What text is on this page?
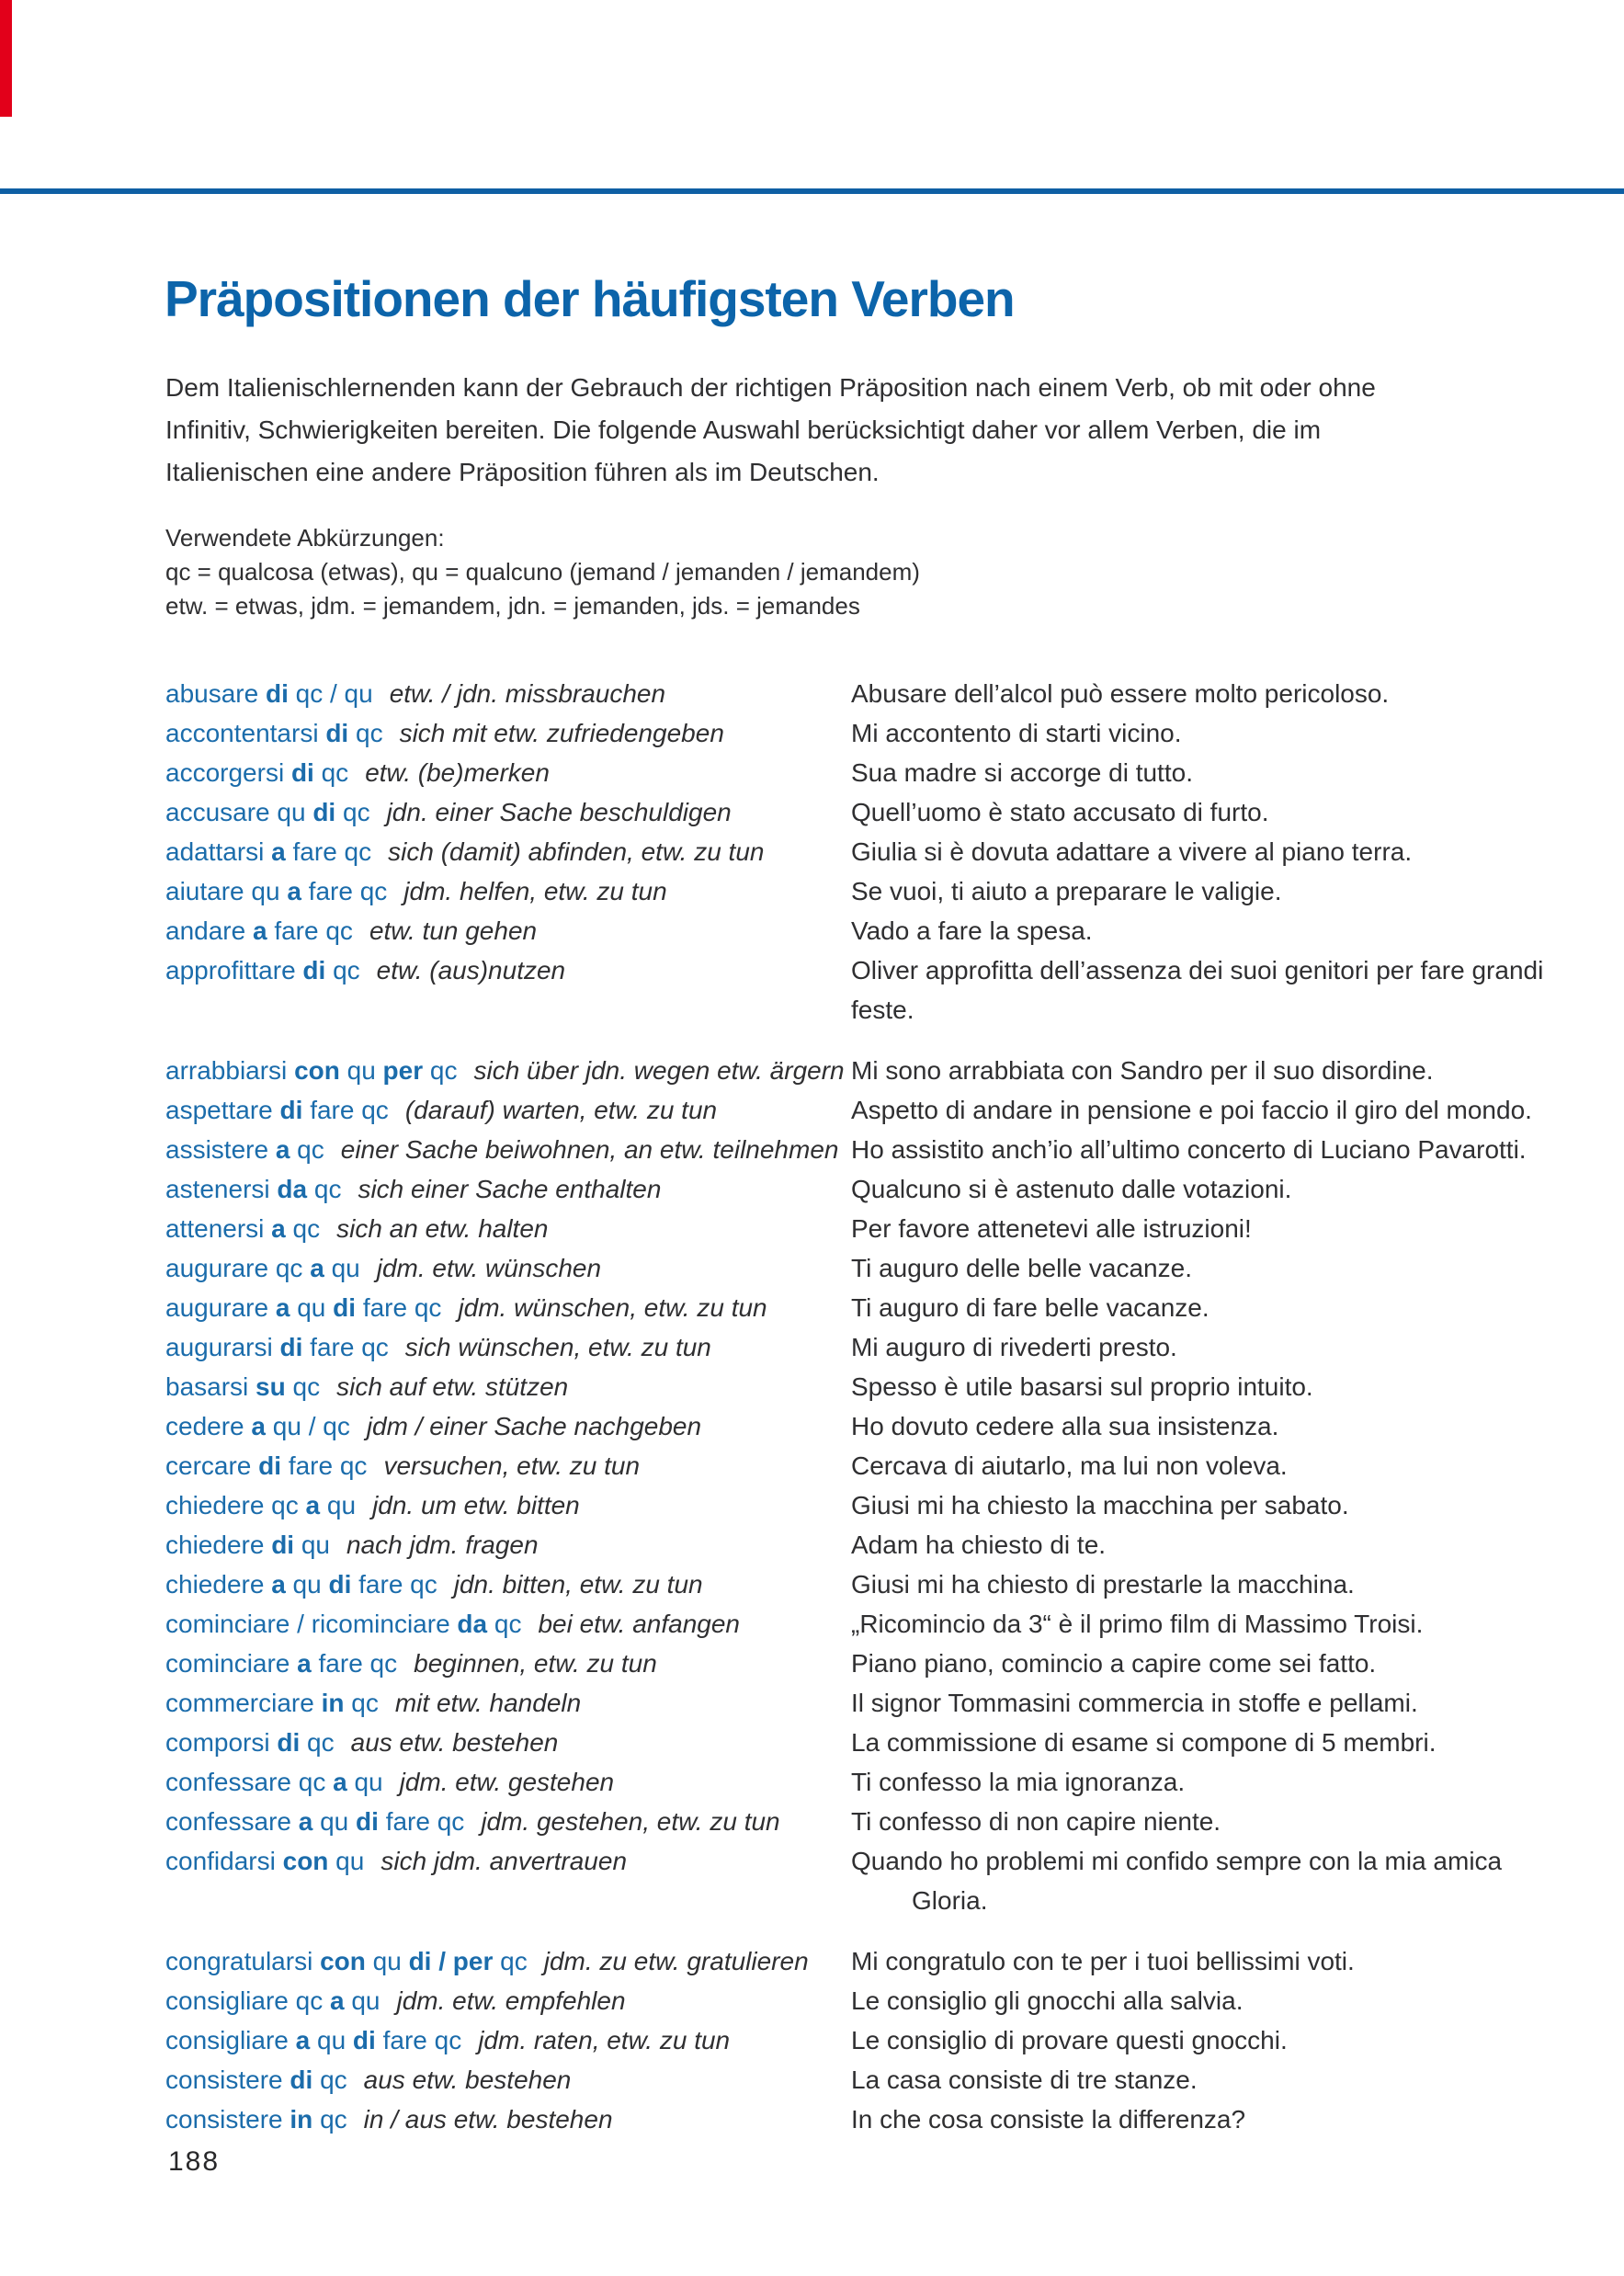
Präpositionen der häufigsten Verben
Dem Italienischlernenden kann der Gebrauch der richtigen Präposition nach einem Verb, ob mit oder ohne
Infinitiv, Schwierigkeiten bereiten. Die folgende Auswahl berücksichtigt daher vor allem Verben, die im
Italienischen eine andere Präposition führen als im Deutschen.
Verwendete Abkürzungen:
qc = qualcosa (etwas), qu = qualcuno (jemand / jemanden / jemandem)
etw. = etwas, jdm. = jemandem, jdn. = jemanden, jds. = jemandes
abusare di qc / qu etw. / jdn. missbrauchen	Abusare dell’alcol può essere molto pericoloso.
accontentarsi di qc sich mit etw. zufriedengeben	Mi accontento di starti vicino.
accorgersi di qc etw. (be)merken	Sua madre si accorge di tutto.
accusare qu di qc jdn. einer Sache beschuldigen	Quell’uomo è stato accusato di furto.
adattarsi a fare qc sich (damit) abfinden, etw. zu tun	Giulia si è dovuta adattare a vivere al piano terra.
aiutare qu a fare qc jdm. helfen, etw. zu tun	Se vuoi, ti aiuto a preparare le valigie.
andare a fare qc etw. tun gehen	Vado a fare la spesa.
approfittare di qc etw. (aus)nutzen	Oliver approfitta dell’assenza dei suoi genitori per fare grandi
feste.
arrabbiarsi con qu per qc sich über jdn. wegen etw. ärgern Mi sono arrabbiata con Sandro per il suo disordine.
aspettare di fare qc (darauf) warten, etw. zu tun	Aspetto di andare in pensione e poi faccio il giro del mondo.
assistere a qc einer Sache beiwohnen, an etw. teilnehmen Ho assistito anch’io all’ultimo concerto di Luciano Pavarotti.
astenersi da qc sich einer Sache enthalten	Qualcuno si è astenuto dalle votazioni.
attenersi a qc sich an etw. halten	Per favore attenetevi alle istruzioni!
augurare qc a qu jdm. etw. wünschen	Ti auguro delle belle vacanze.
augurare a qu di fare qc jdm. wünschen, etw. zu tun	Ti auguro di fare belle vacanze.
augurarsi di fare qc sich wünschen, etw. zu tun	Mi auguro di rivederti presto.
basarsi su qc sich auf etw. stützen	Spesso è utile basarsi sul proprio intuito.
cedere a qu / qc jdm / einer Sache nachgeben	Ho dovuto cedere alla sua insistenza.
cercare di fare qc versuchen, etw. zu tun	Cercava di aiutarlo, ma lui non voleva.
chiedere qc a qu jdn. um etw. bitten	Giusi mi ha chiesto la macchina per sabato.
chiedere di qu nach jdm. fragen	Adam ha chiesto di te.
chiedere a qu di fare qc jdn. bitten, etw. zu tun	Giusi mi ha chiesto di prestarle la macchina.
cominciare / ricominciare da qc bei etw. anfangen	„Ricomincio da 3“ è il primo film di Massimo Troisi.
cominciare a fare qc beginnen, etw. zu tun	Piano piano, comincio a capire come sei fatto.
commerciare in qc mit etw. handeln	Il signor Tommasini commercia in stoffe e pellami.
comporsi di qc aus etw. bestehen	La commissione di esame si compone di 5 membri.
confessare qc a qu jdm. etw. gestehen	Ti confesso la mia ignoranza.
confessare a qu di fare qc jdm. gestehen, etw. zu tun	Ti confesso di non capire niente.
confidarsi con qu sich jdm. anvertrauen	Quando ho problemi mi confido sempre con la mia amica
Gloria.
congratularsi con qu di / per qc jdm. zu etw. gratulieren	Mi congratulo con te per i tuoi bellissimi voti.
consigliare qc a qu jdm. etw. empfehlen	Le consiglio gli gnocchi alla salvia.
consigliare a qu di fare qc jdm. raten, etw. zu tun	Le consiglio di provare questi gnocchi.
consistere di qc aus etw. bestehen	La casa consiste di tre stanze.
consistere in qc in / aus etw. bestehen	In che cosa consiste la differenza?
188
